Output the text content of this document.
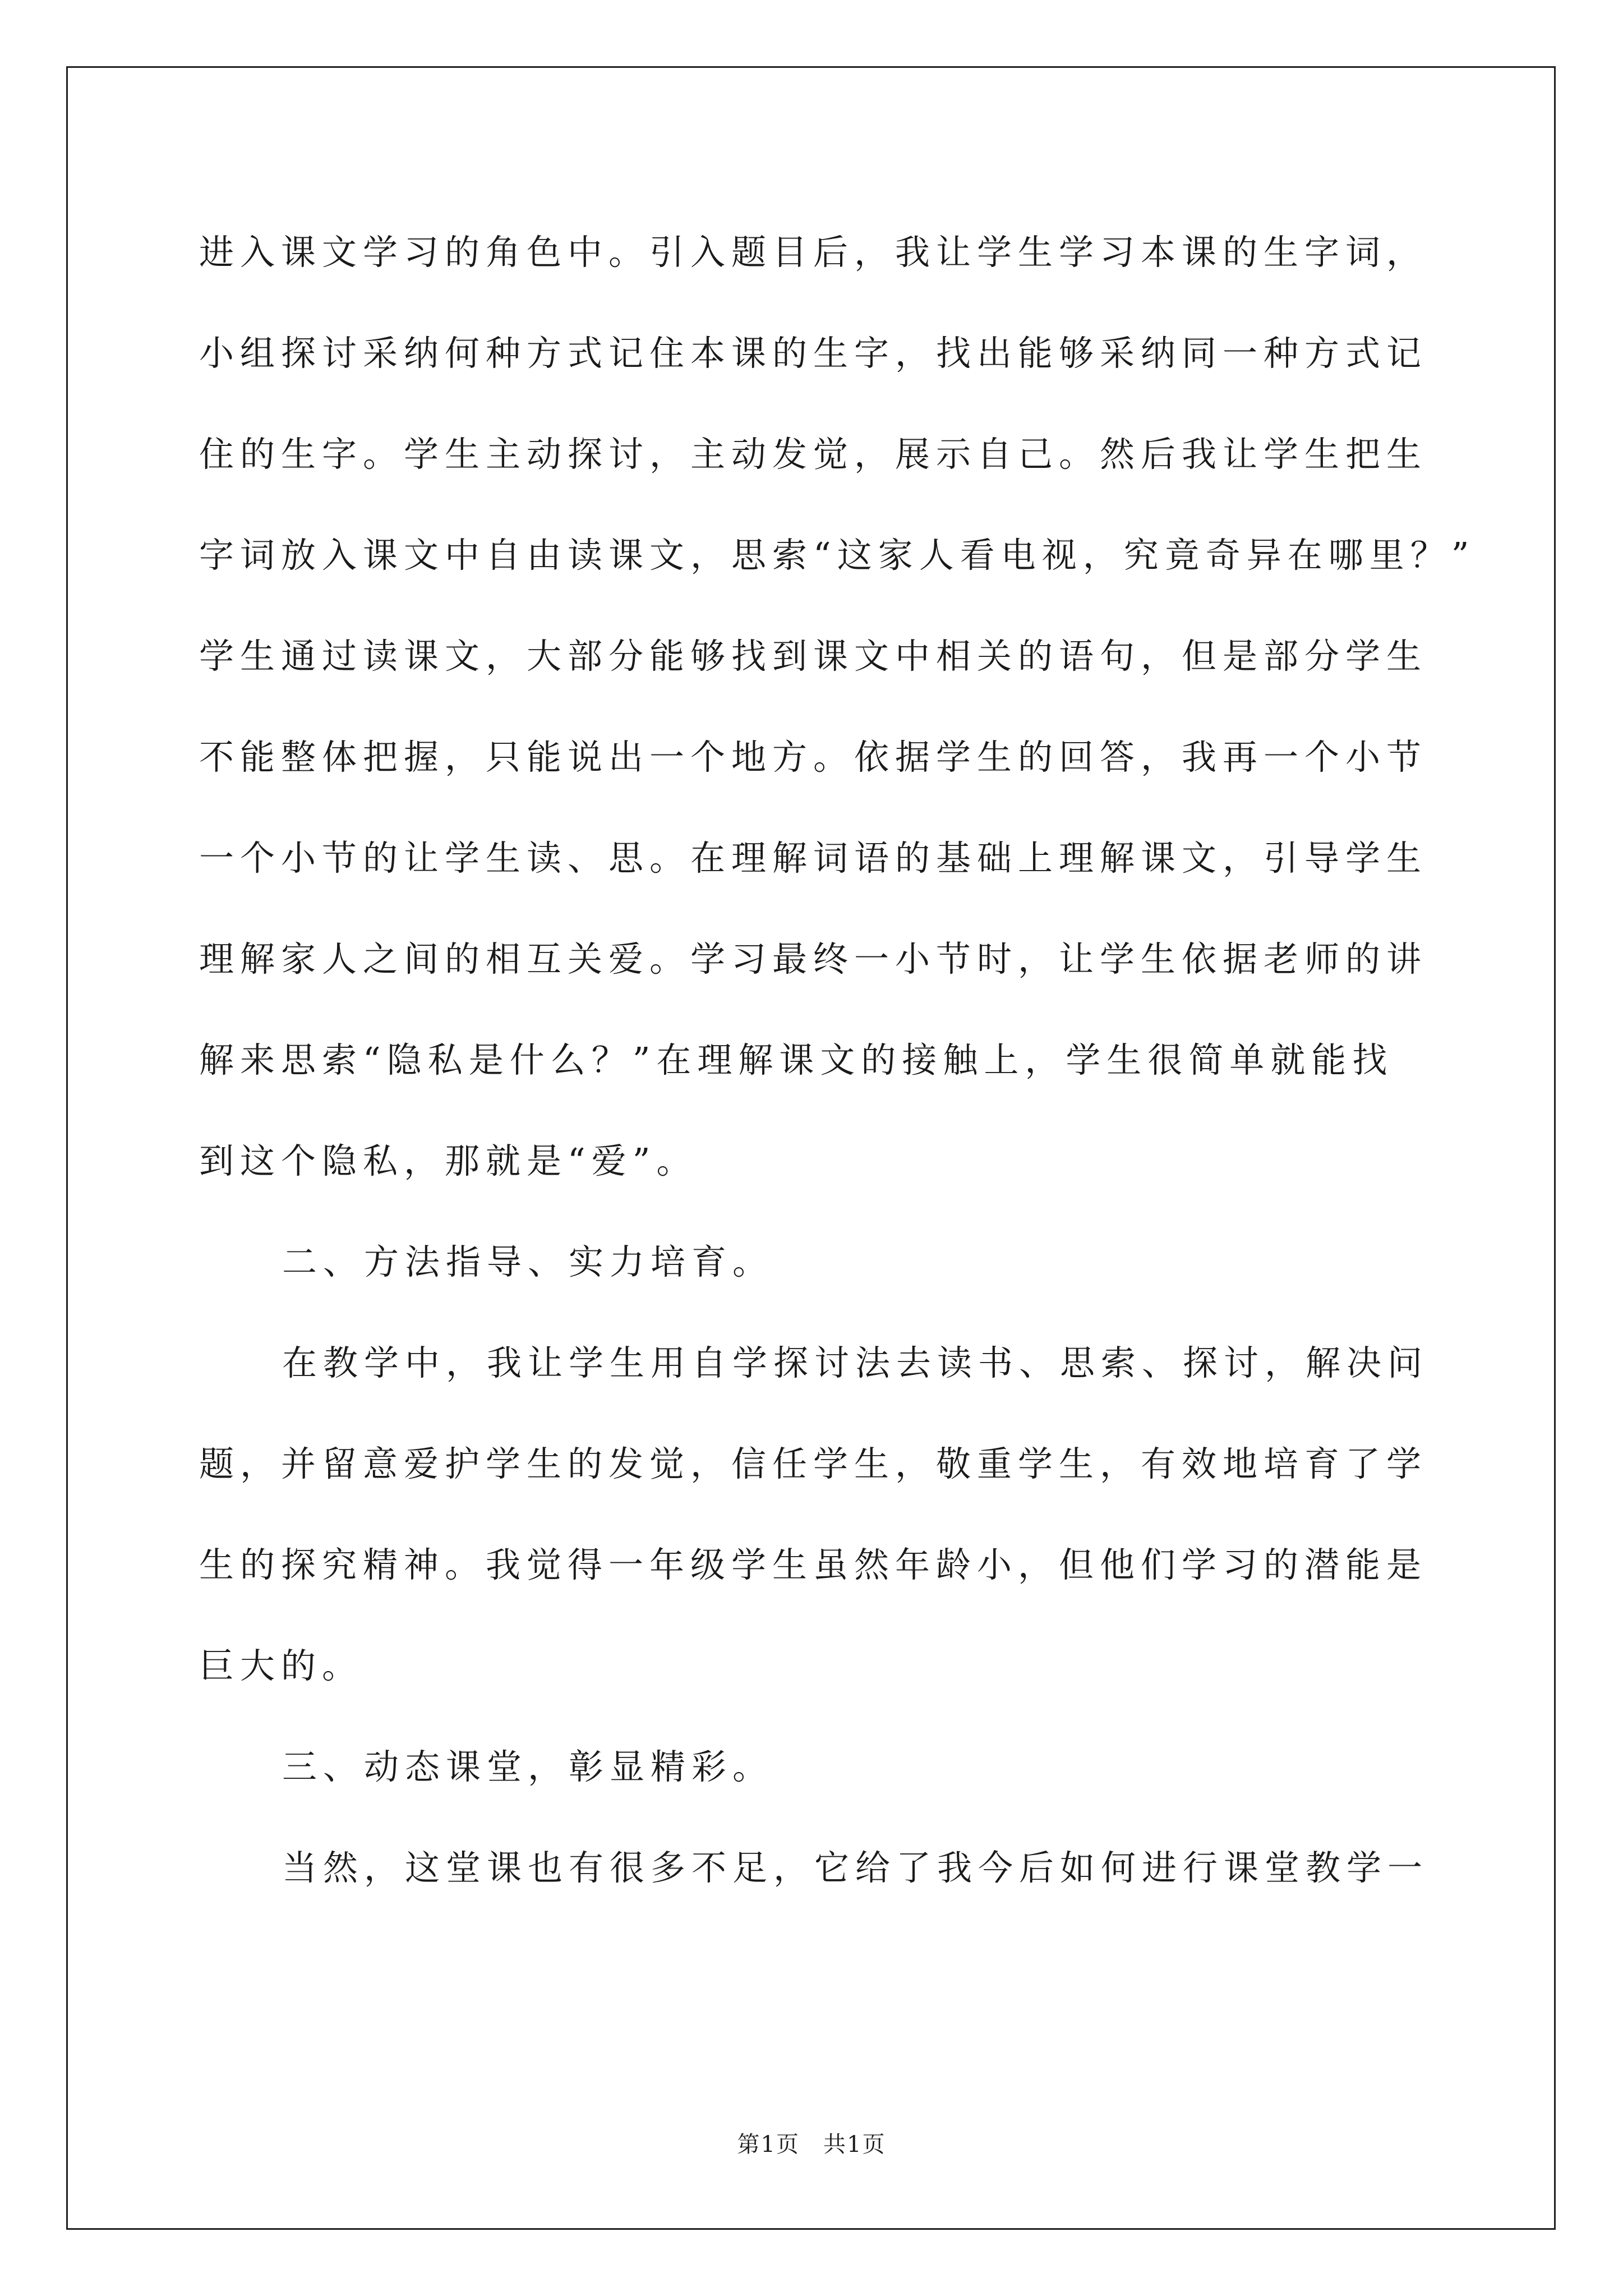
进入课文学习的角色中。引入题目后，我让学生学习本课的生字词，
小组探讨采纳何种方式记住本课的生字，找出能够采纳同一种方式记
住的生字。学生主动探讨，主动发觉，展示自己。然后我让学生把生
字词放入课文中自由读课文，思索“这家人看电视，究竟奇异在哪里？”
学生通过读课文，大部分能够找到课文中相关的语句，但是部分学生
不能整体把握，只能说出一个地方。依据学生的回答，我再一个小节
一个小节的让学生读、思。在理解词语的基础上理解课文，引导学生
理解家人之间的相互关爱。学习最终一小节时，让学生依据老师的讲
解来思索“隐私是什么？”在理解课文的接触上，学生很简单就能找
到这个隐私，那就是“爱”。
二、方法指导、实力培育。
在教学中，我让学生用自学探讨法去读书、思索、探讨，解决问
题，并留意爱护学生的发觉，信任学生，敬重学生，有效地培育了学
生的探究精神。我觉得一年级学生虽然年龄小，但他们学习的潜能是
巨大的。
三、动态课堂，彰显精彩。
当然，这堂课也有很多不足，它给了我今后如何进行课堂教学一
第1页　共1页
